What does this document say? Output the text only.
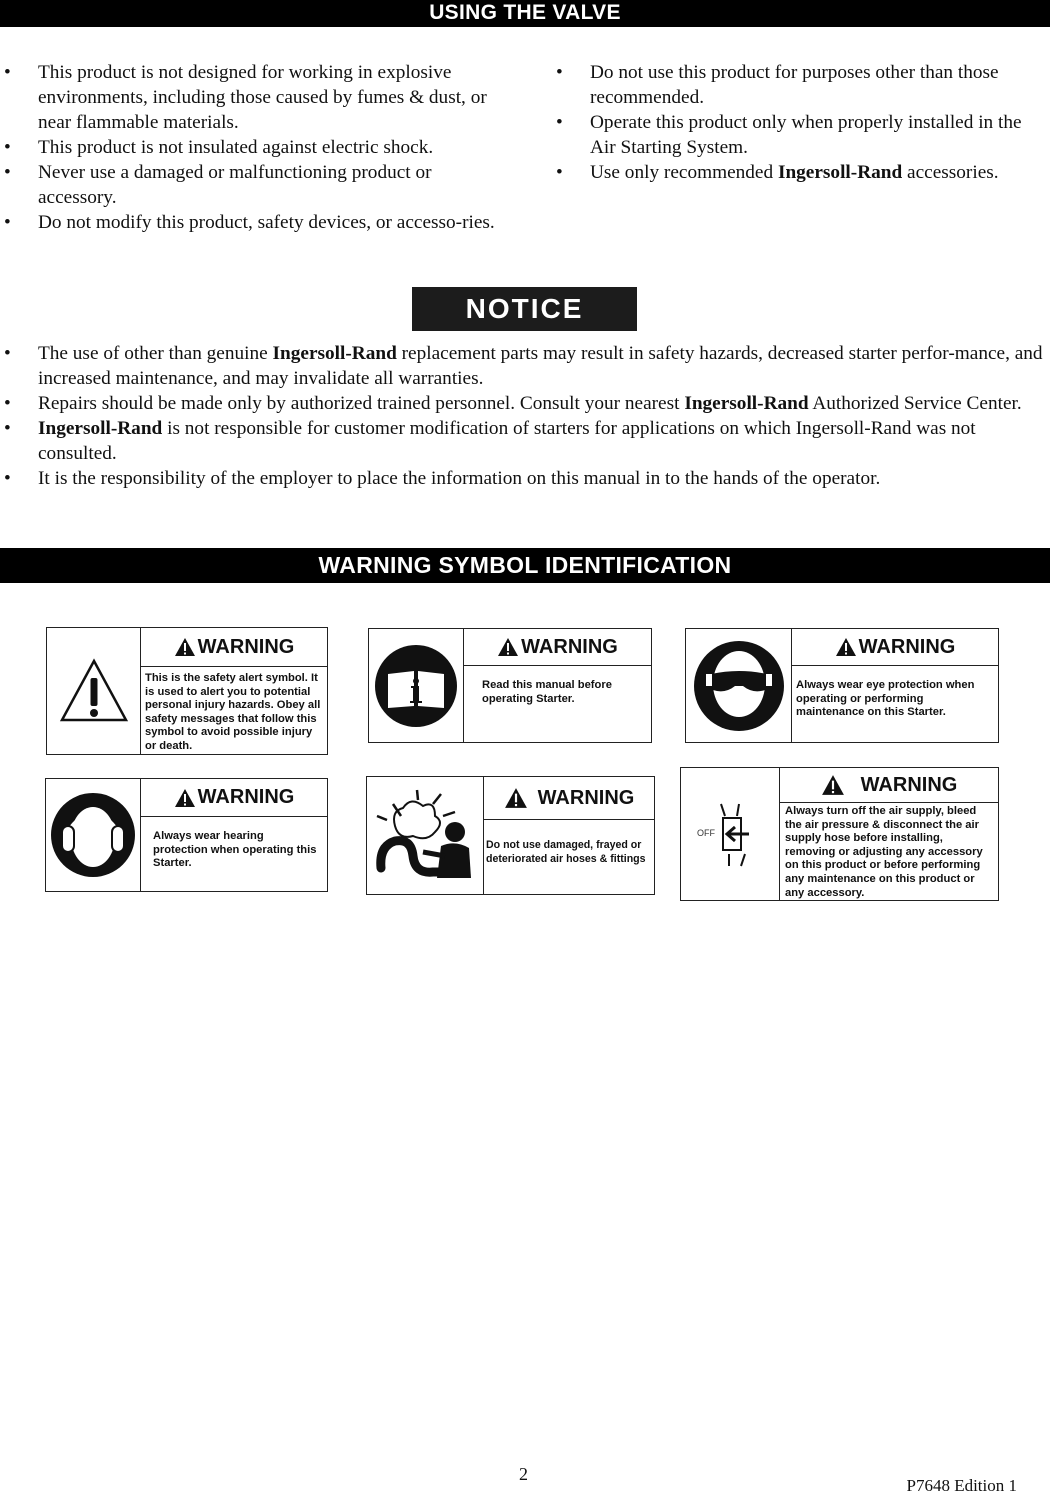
USING THE VALVE
• This product is not designed for working in explosive environments, including those caused by fumes & dust, or near flammable materials.
• This product is not insulated against electric shock.
• Never use a damaged or malfunctioning product or accessory.
• Do not modify this product, safety devices, or accesso-ries.
• Do not use this product for purposes other than those recommended.
• Operate this product only when properly installed in the Air Starting System.
• Use only recommended Ingersoll-Rand accessories.
NOTICE
• The use of other than genuine Ingersoll-Rand replacement parts may result in safety hazards, decreased starter perfor-mance, and increased maintenance, and may invalidate all warranties.
• Repairs should be made only by authorized trained personnel. Consult your nearest Ingersoll-Rand Authorized Service Center.
• Ingersoll-Rand is not responsible for customer modification of starters for applications on which Ingersoll-Rand was not consulted.
• It is the responsibility of the employer to place the information on this manual in to the hands of the operator.
WARNING SYMBOL IDENTIFICATION
WARNING
This is the safety alert symbol. It is used to alert you to potential personal injury hazards. Obey all safety messages that follow this symbol to avoid possible injury or death.
WARNING
Read this manual before operating Starter.
WARNING
Always wear eye protection when operating or performing maintenance on this Starter.
WARNING
Always wear hearing protection when operating this Starter.
WARNING
Do not use damaged, frayed or deteriorated air hoses & fittings
OFF
WARNING
Always turn off the air supply, bleed the air pressure & disconnect the air supply hose before installing, removing or adjusting any accessory on this product or before performing any maintenance on this product or any accessory.
2
P7648 Edition 1
